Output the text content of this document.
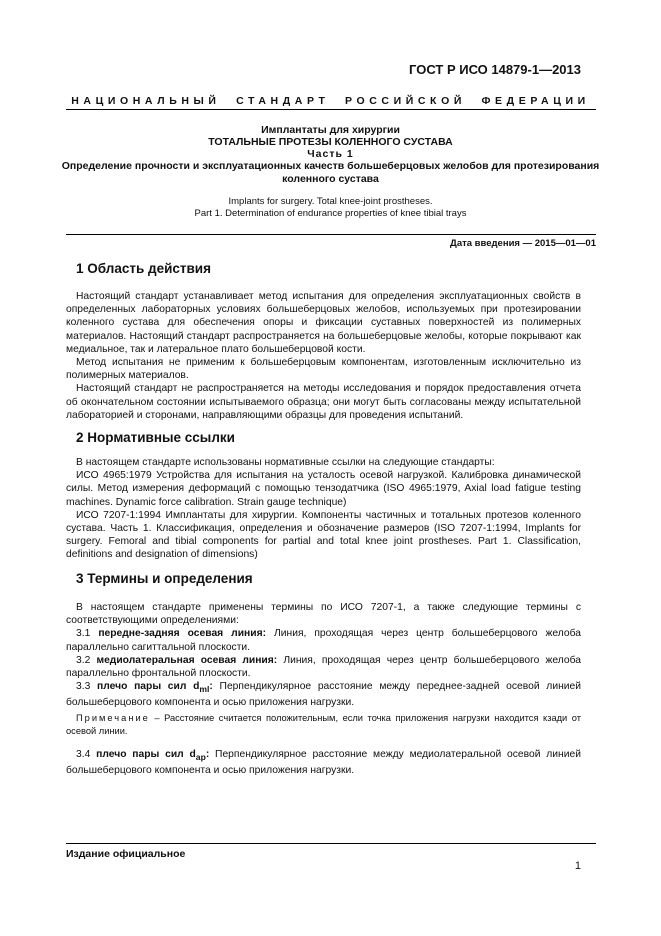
ГОСТ Р ИСО 14879-1—2013
НАЦИОНАЛЬНЫЙ СТАНДАРТ РОССИЙСКОЙ ФЕДЕРАЦИИ
Имплантаты для хирургии
ТОТАЛЬНЫЕ ПРОТЕЗЫ КОЛЕННОГО СУСТАВА
Часть 1
Определение прочности и эксплуатационных качеств большеберцовых желобов для протезирования коленного сустава
Implants for surgery. Total knee-joint prostheses.
Part 1. Determination of endurance properties of knee tibial trays
Дата введения — 2015—01—01
1 Область действия

Настоящий стандарт устанавливает метод испытания для определения эксплуатационных свойств в определенных лабораторных условиях большеберцовых желобов, используемых при протезировании коленного сустава для обеспечения опоры и фиксации суставных поверхностей из полимерных материалов. Настоящий стандарт распространяется на большеберцовые желобы, которые покрывают как медиальное, так и латеральное плато большеберцовой кости.

Метод испытания не применим к большеберцовым компонентам, изготовленным исключительно из полимерных материалов.

Настоящий стандарт не распространяется на методы исследования и порядок предоставления отчета об окончательном состоянии испытываемого образца; они могут быть согласованы между испытательной лабораторией и сторонами, направляющими образцы для проведения испытаний.

2 Нормативные ссылки

В настоящем стандарте использованы нормативные ссылки на следующие стандарты:

ИСО 4965:1979 Устройства для испытания на усталость осевой нагрузкой. Калибровка динамической силы. Метод измерения деформаций с помощью тензодатчика (ISO 4965:1979, Axial load fatigue testing machines. Dynamic force calibration. Strain gauge technique)

ИСО 7207-1:1994 Имплантаты для хирургии. Компоненты частичных и тотальных протезов коленного сустава. Часть 1. Классификация, определения и обозначение размеров (ISO 7207-1:1994, Implants for surgery. Femoral and tibial components for partial and total knee joint prostheses. Part 1. Classification, definitions and designation of dimensions)

3 Термины и определения

В настоящем стандарте применены термины по ИСО 7207-1, а также следующие термины с соответствующими определениями:

3.1 передне-задняя осевая линия: Линия, проходящая через центр большеберцового желоба параллельно сагиттальной плоскости.

3.2 медиолатеральная осевая линия: Линия, проходящая через центр большеберцового желоба параллельно фронтальной плоскости.

3.3 плечо пары сил $d_{ml}$: Перпендикулярное расстояние между переднее-задней осевой линией большеберцового компонента и осью приложения нагрузки.

Примечание – Расстояние считается положительным, если точка приложения нагрузки находится кзади от осевой линии.

3.4 плечо пары сил $d_{ap}$: Перпендикулярное расстояние между медиолатеральной осевой линией большеберцового компонента и осью приложения нагрузки.

Издание официальное
1
